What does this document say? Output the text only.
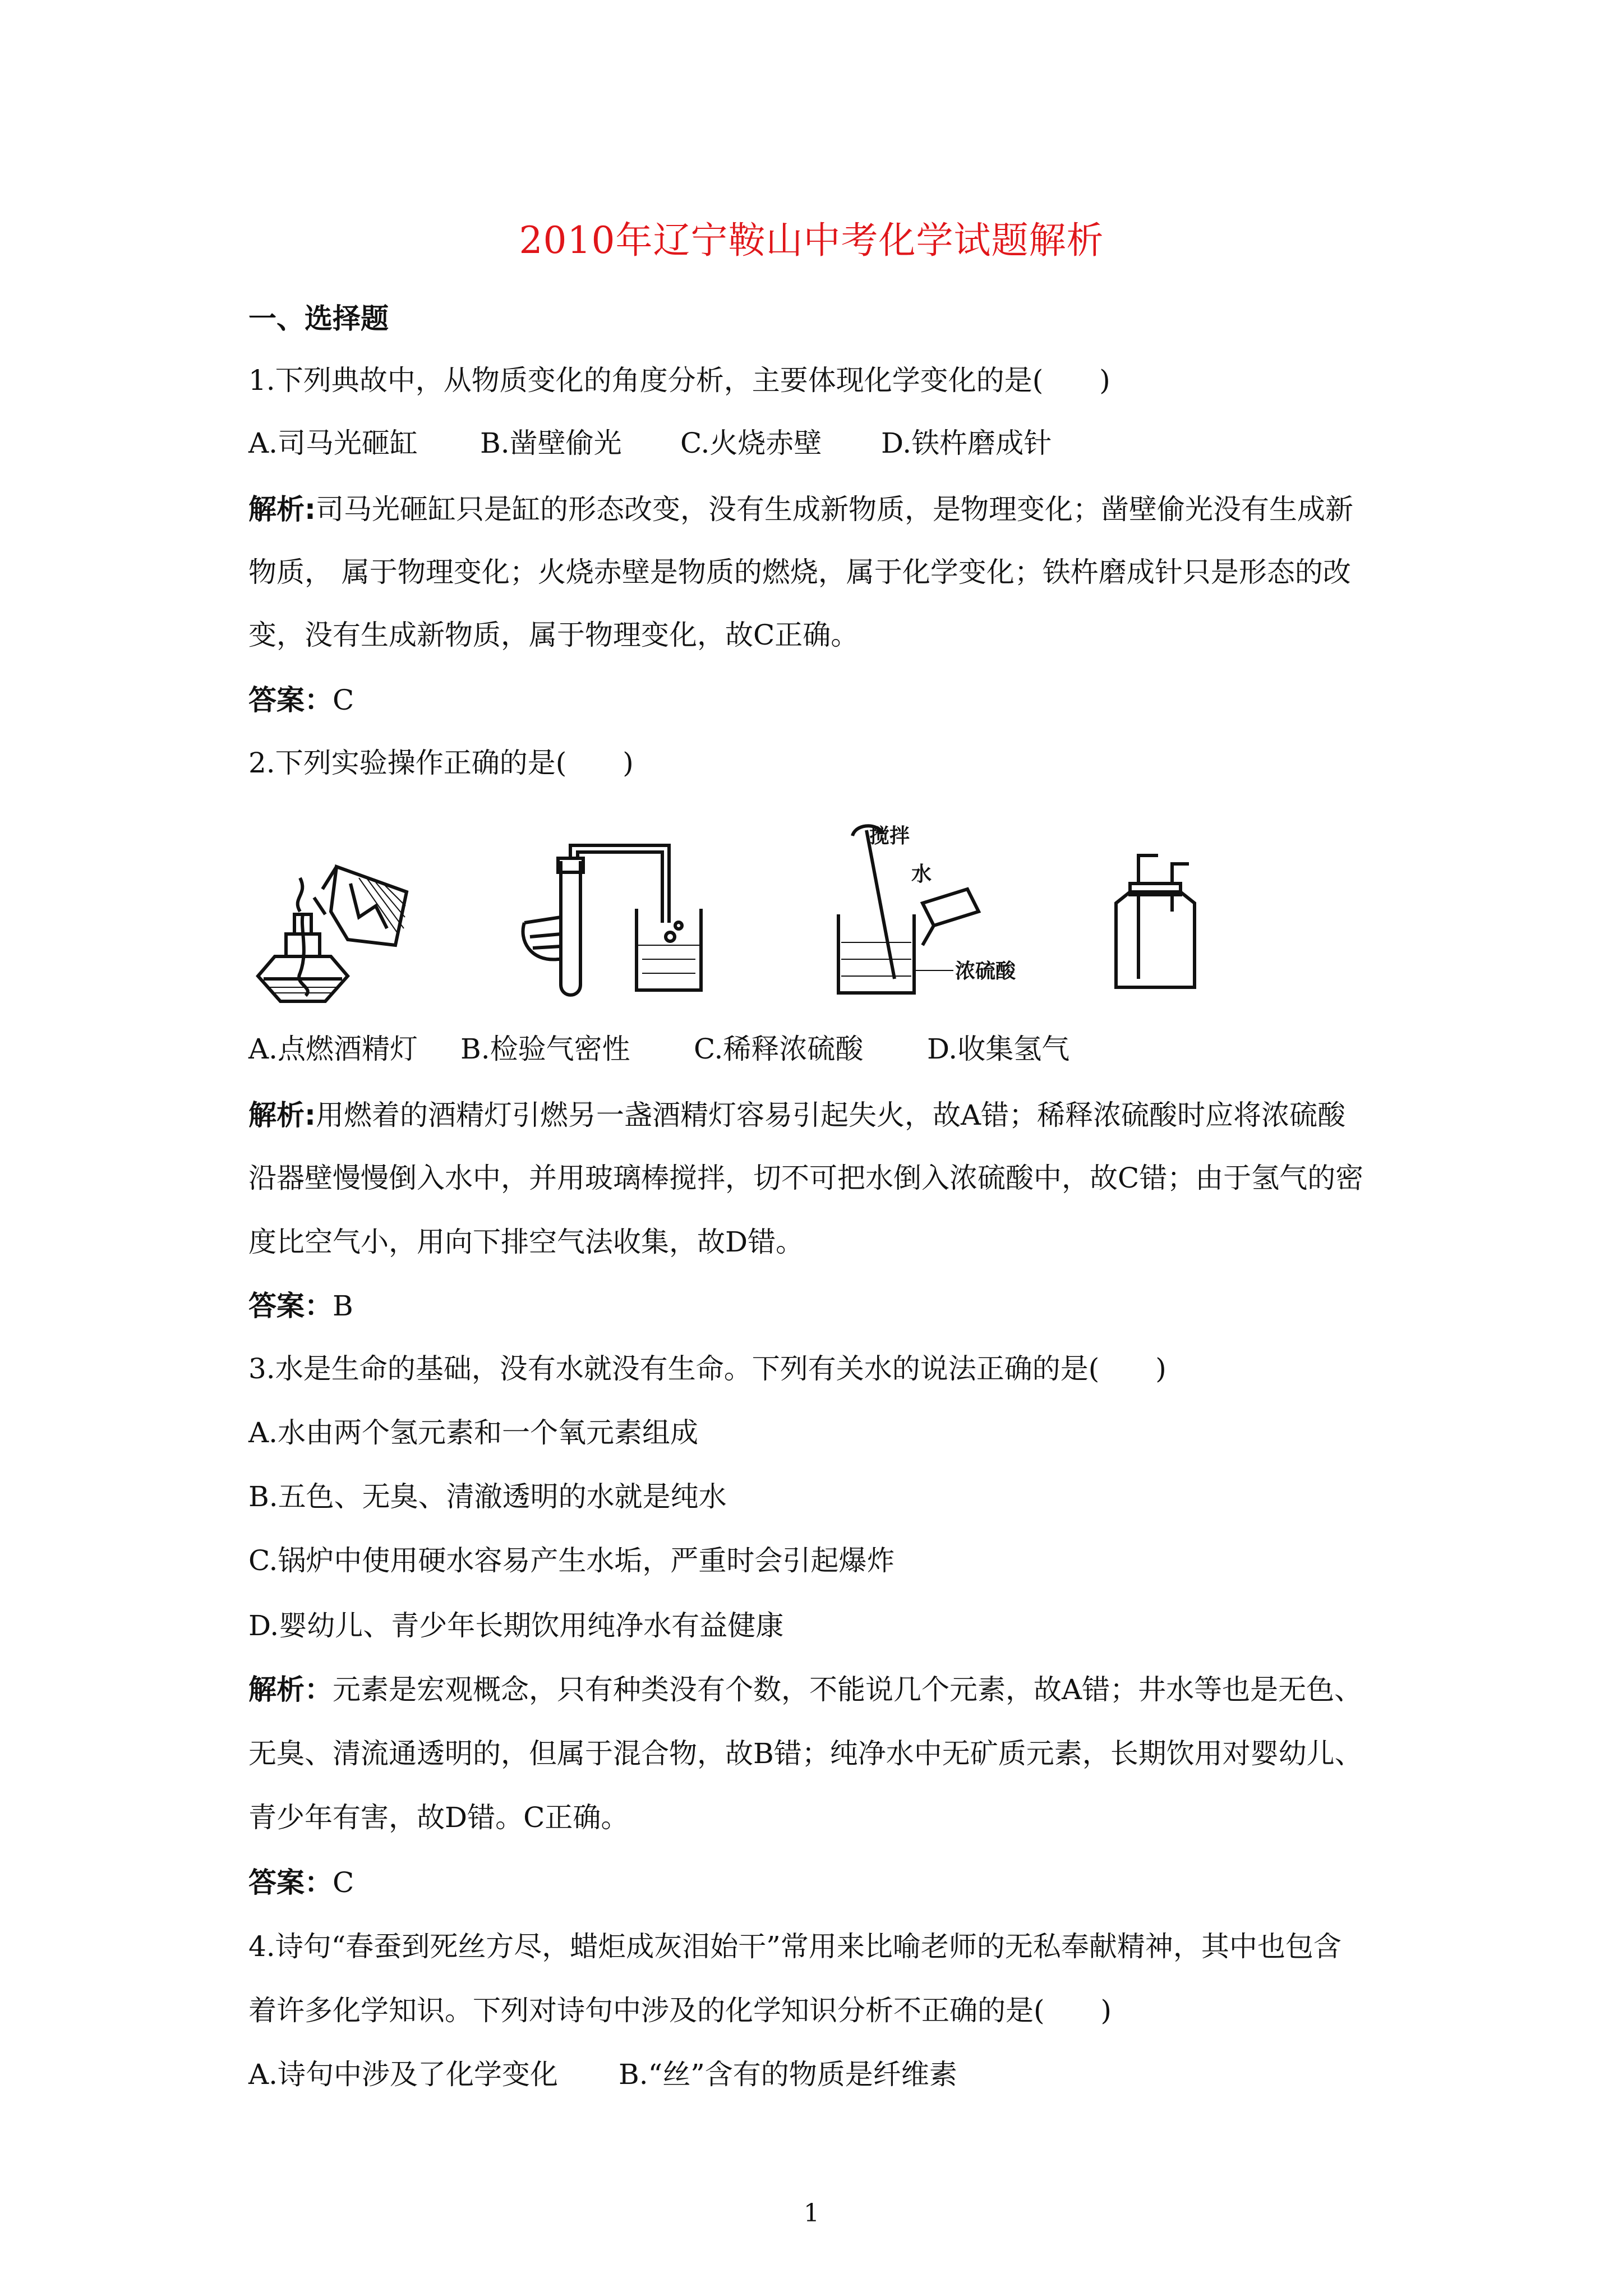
2010年辽宁鞍山中考化学试题解析
一、选择题
1.下列典故中，从物质变化的角度分析，主要体现化学变化的是(　　)
A.司马光砸缸 B.凿壁偷光 C.火烧赤壁 D.铁杵磨成针
解析:司马光砸缸只是缸的形态改变，没有生成新物质，是物理变化；凿壁偷光没有生成新
物质， 属于物理变化；火烧赤壁是物质的燃烧，属于化学变化；铁杵磨成针只是形态的改
变，没有生成新物质，属于物理变化，故C正确。
答案：C
2.下列实验操作正确的是(　　)
搅拌
水
浓硫酸
A.点燃酒精灯 B.检验气密性 C.稀释浓硫酸 D.收集氢气
解析:用燃着的酒精灯引燃另一盏酒精灯容易引起失火，故A错；稀释浓硫酸时应将浓硫酸
沿器壁慢慢倒入水中，并用玻璃棒搅拌，切不可把水倒入浓硫酸中，故C错；由于氢气的密
度比空气小，用向下排空气法收集，故D错。
答案：B
3.水是生命的基础，没有水就没有生命。下列有关水的说法正确的是(　　)
A.水由两个氢元素和一个氧元素组成
B.五色、无臭、清澈透明的水就是纯水
C.锅炉中使用硬水容易产生水垢，严重时会引起爆炸
D.婴幼儿、青少年长期饮用纯净水有益健康
解析：元素是宏观概念，只有种类没有个数，不能说几个元素，故A错；井水等也是无色、
无臭、清流通透明的，但属于混合物，故B错；纯净水中无矿质元素，长期饮用对婴幼儿、
青少年有害，故D错。C正确。
答案：C
4.诗句“春蚕到死丝方尽，蜡炬成灰泪始干”常用来比喻老师的无私奉献精神，其中也包含
着许多化学知识。下列对诗句中涉及的化学知识分析不正确的是(　　)
A.诗句中涉及了化学变化 B.“丝”含有的物质是纤维素
1
